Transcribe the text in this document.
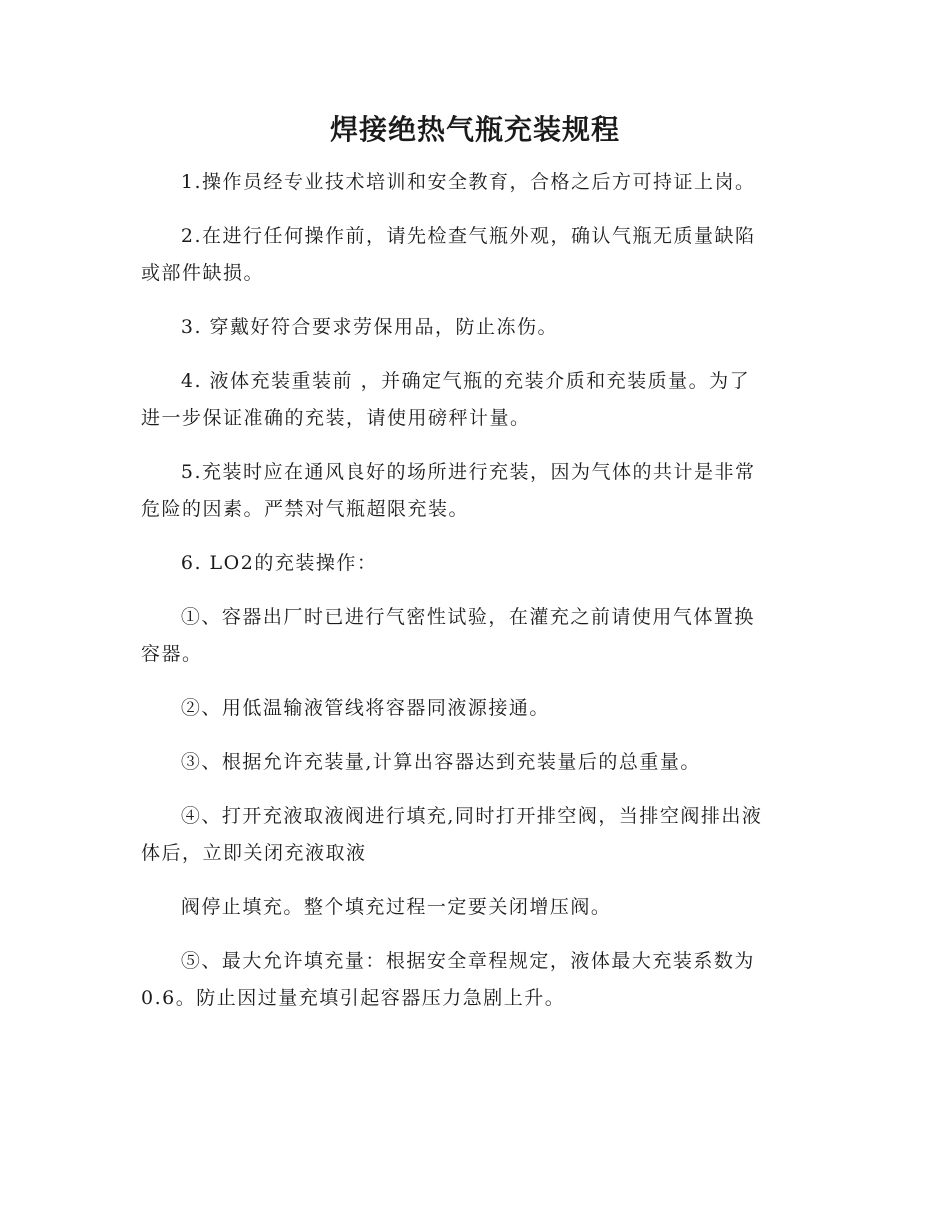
焊接绝热气瓶充装规程

1.操作员经专业技术培训和安全教育，合格之后方可持证上岗。

2.在进行任何操作前，请先检查气瓶外观，确认气瓶无质量缺陷
或部件缺损。

3. 穿戴好符合要求劳保用品，防止冻伤。

4. 液体充装重装前 ，并确定气瓶的充装介质和充装质量。为了
进一步保证准确的充装，请使用磅秤计量。

5.充装时应在通风良好的场所进行充装，因为气体的共计是非常
危险的因素。严禁对气瓶超限充装。

6. LO2的充装操作：

①、容器出厂时已进行气密性试验，在灌充之前请使用气体置换
容器。

②、用低温输液管线将容器同液源接通。

③、根据允许充装量,计算出容器达到充装量后的总重量。

④、打开充液取液阀进行填充,同时打开排空阀，当排空阀排出液
体后，立即关闭充液取液

阀停止填充。整个填充过程一定要关闭增压阀。

⑤、最大允许填充量：根据安全章程规定，液体最大充装系数为
0.6。防止因过量充填引起容器压力急剧上升。
